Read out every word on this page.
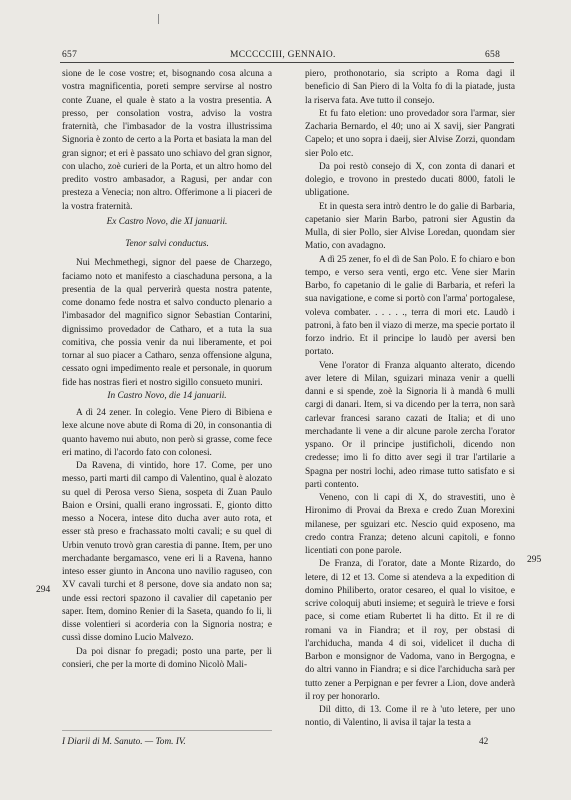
657	MCCCCCIII, GENNAIO.	658
294
295

sione de le cose vostre; et, bisognando cosa alcuna a vostra magnificentia, poreti sempre servirse al nostro conte Zuane, el quale è stato a la vostra presentia. A presso, per consolation vostra, adviso la vostra fraternità, che l'imbasador de la vostra illustrissima Signoria è zonto de certo a la Porta et basiata la man del gran signor; et eri è passato uno schiavo del gran signor, con ulacho, zoè curieri de la Porta, et un altro homo del predito vostro ambasador, a Ragusi, per andar con presteza a Venecia; non altro. Offerimone a li piaceri de la vostra fraternità.

Ex Castro Novo, die XI januarii.

Tenor salvi conductus.

Nui Mechmethegi, signor del paese de Charzego, faciamo noto et manifesto a ciaschaduna persona, a la presentia de la qual perverirà questa nostra patente, come donamo fede nostra et salvo conducto plenario a l'imbasador del magnifico signor Sebastian Contarini, dignissimo provedador de Catharo, et a tuta la sua comitiva, che possia venir da nui liberamente, et poi tornar al suo piacer a Catharo, senza offensione alguna, cessato ogni impedimento reale et personale, in quorum fide has nostras fieri et nostro sigillo consueto muniri.

In Castro Novo, die 14 januarii.

A dì 24 zener. In colegio. Vene Piero di Bibiena e lexe alcune nove abute di Roma di 20, in consonantia di quanto havemo nui abuto, non però si grasse, come fece eri matino, di l'acordo fato con colonesi.

Da Ravena, di vintido, hore 17. Come, per uno messo, parti marti dil campo di Valentino, qual è alozato su quel di Perosa verso Siena, sospeta di Zuan Paulo Baion e Orsini, qualli erano ingrossati. E, gionto ditto messo a Nocera, intese dito ducha aver auto rota, et esser stà preso e frachassato molti cavali; e su quel di Urbin venuto trovò gran carestia di panne. Item, per uno merchadante bergamasco, vene eri li a Ravena, hanno inteso esser giunto in Ancona uno navilio raguseo, con XV cavali turchi et 8 persone, dove sia andato non sa; unde essi rectori spazono il cavalier dil capetanio per saper. Item, domino Renier di la Saseta, quando fo li, li disse volentieri si acorderia con la Signoria nostra; e cussì disse domino Lucio Malvezo.

Da poi disnar fo pregadi; posto una parte, per li consieri, che per la morte di domino Nicolò Mali-

piero, prothonotario, sia scripto a Roma dagi il beneficio di San Piero di la Volta fo di la piatade, justa la riserva fata. Ave tutto il consejo.

Et fu fato eletion: uno provedador sora l'armar, sier Zacharia Bernardo, el 40; uno ai X savij, sier Pangrati Capelo; et uno sopra i daeij, sier Alvise Zorzi, quondam sier Polo etc.

Da poi restò consejo di X, con zonta di danari et dolegio, e trovono in prestedo ducati 8000, fatoli le ubligatione.

Et in questa sera intrò dentro le do galie di Barbaria, capetanio sier Marin Barbo, patroni sier Agustin da Mulla, di sier Pollo, sier Alvise Loredan, quondam sier Matio, con avadagno.

A dì 25 zener, fo el dì de San Polo. E fo chiaro e bon tempo, e verso sera venti, ergo etc. Vene sier Marin Barbo, fo capetanio di le galie di Barbaria, et referì la sua navigatione, e come si portò con l'arma' portogalese, voleva combater. . . . . ., terra di mori etc. Laudò i patroni, à fato ben il viazo di merze, ma specie portato il forzo indrio. Et il principe lo laudò per aversi ben portato.

Vene l'orator di Franza alquanto alterato, dicendo aver letere di Milan, sguizari minaza venir a quelli danni e si spende, zoè la Signoria li à mandà 6 mulli cargi di danari. Item, si va dicendo per la terra, non sarà carlevar francesi sarano cazati de Italia; et di uno merchadante li vene a dir alcune parole zercha l'orator yspano. Or il principe justificholi, dicendo non credesse; imo li fo ditto aver segi il trar l'artilarie a Spagna per nostri lochi, adeo rimase tutto satisfato e si partì contento.

Veneno, con li capi di X, do stravestiti, uno è Hironimo di Provai da Brexa e credo Zuan Morexini milanese, per sguizari etc. Nescio quid exposeno, ma credo contra Franza; deteno alcuni capitoli, e fonno licentiati con pone parole.

De Franza, di l'orator, date a Monte Rizardo, do letere, di 12 et 13. Come si atendeva a la expedition di domino Philiberto, orator cesareo, el qual lo visitoe, e scrive coloquij abuti insieme; et seguirà le trieve e forsi pace, si come etiam Rubertet li ha ditto. Et il re di romani va in Fiandra; et il roy, per obstasi di l'archiducha, manda 4 di soi, videlicet il ducha di Barbon e monsignor de Vadoma, vano in Bergogna, e do altri vanno in Fiandra; e si dice l'archiducha sarà per tutto zener a Perpignan e per fevrer a Lion, dove anderà il roy per honorarlo.

Dil ditto, di 13. Come il re à 'uto letere, per uno nontio, di Valentino, li avisa il tajar la testa a

I Diarii di M. Sanuto. — Tom. IV.	42
